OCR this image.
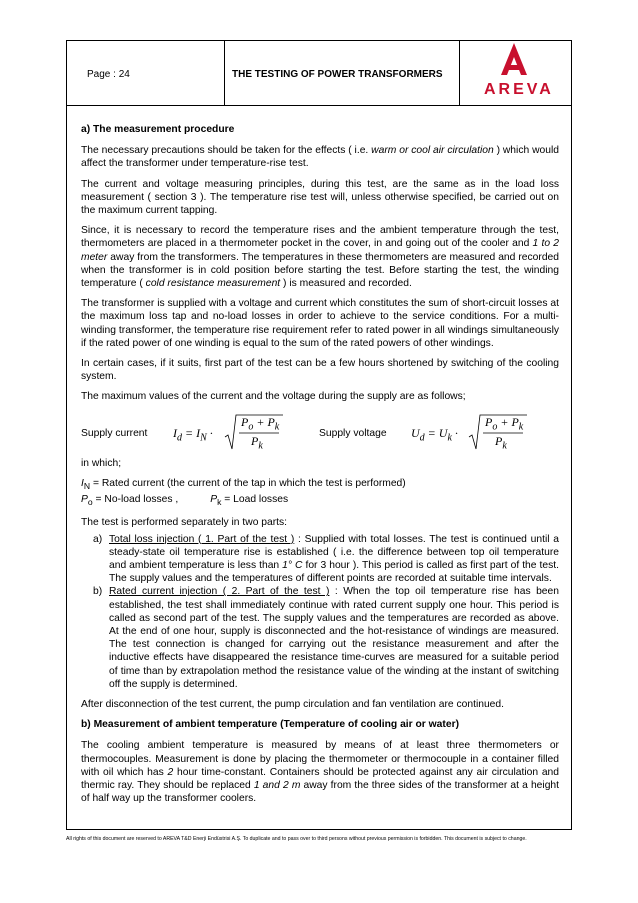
Page : 24	THE TESTING OF POWER TRANSFORMERS
AREVA

a) The measurement procedure

The necessary precautions should be taken for the effects ( i.e. warm or cool air circulation ) which would affect the transformer under temperature-rise test.

The current and voltage measuring principles, during this test, are the same as in the load loss measurement ( section 3 ). The temperature rise test will, unless otherwise specified, be carried out on the maximum current tapping.

Since, it is necessary to record the temperature rises and the ambient temperature through the test, thermometers are placed in a thermometer pocket in the cover, in and going out of the cooler and 1 to 2 meter away from the transformers. The temperatures in these thermometers are measured and recorded when the transformer is in cold position before starting the test. Before starting the test, the winding temperature ( cold resistance measurement ) is measured and recorded.

The transformer is supplied with a voltage and current which constitutes the sum of short-circuit losses at the maximum loss tap and no-load losses in order to achieve to the service conditions. For a multi-winding transformer, the temperature rise requirement refer to rated power in all windings simultaneously if the rated power of one winding is equal to the sum of the rated powers of other windings.

In certain cases, if it suits, first part of the test can be a few hours shortened by switching of the cooling system.

The maximum values of the current and the voltage during the supply are as follows;

Supply current $I_d = I_N$ ·
$P_o + P_k$
$P_k$
Supply voltage $U_d = U_k$ ·
$P_o + P_k$
$P_k$

in which;

$I_N$ = Rated current (the current of the tap in which the test is performed)

$P_o$ = No-load losses ,	$P_k$ = Load losses

The test is performed separately in two parts:

a) Total loss injection ( 1. Part of the test ) : Supplied with total losses. The test is continued until a steady-state oil temperature rise is established ( i.e. the difference between top oil temperature and ambient temperature is less than 1° C for 3 hour ). This period is called as first part of the test. The supply values and the temperatures of different points are recorded at suitable time intervals.
b) Rated current injection ( 2. Part of the test ) : When the top oil temperature rise has been established, the test shall immediately continue with rated current supply one hour. This period is called as second part of the test. The supply values and the temperatures are recorded as above. At the end of one hour, supply is disconnected and the hot-resistance of windings are measured. The test connection is changed for carrying out the resistance measurement and after the inductive effects have disappeared the resistance time-curves are measured for a suitable period of time than by extrapolation method the resistance value of the winding at the instant of switching off the supply is determined.

After disconnection of the test current, the pump circulation and fan ventilation are continued.

b) Measurement of ambient temperature (Temperature of cooling air or water)

The cooling ambient temperature is measured by means of at least three thermometers or thermocouples. Measurement is done by placing the thermometer or thermocouple in a container filled with oil which has 2 hour time-constant. Containers should be protected against any air circulation and thermic ray. They should be replaced 1 and 2 m away from the three sides of the transformer at a height of half way up the transformer coolers.

All rights of this document are reserved to AREVA T&D Enerji Endüstrisi A.Ş. To duplicate and to pass over to third persons without previous permission is forbidden. This document is subject to change.
